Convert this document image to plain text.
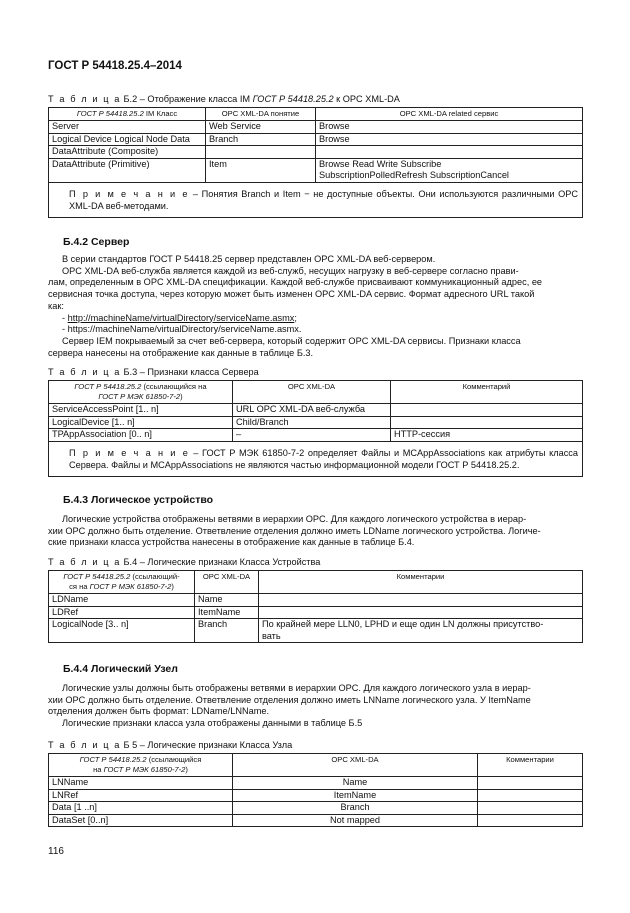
ГОСТ Р 54418.25.4–2014
Т а б л и ц а Б.2 – Отображение класса IM ГОСТ Р 54418.25.2 к OPC XML-DA
ГОСТ Р 54418.25.2 IM Класс	OPC XML-DA понятие	OPC XML-DA related сервис
Server	Web Service	Browse
Logical Device Logical Node Data	Branch	Browse
DataAttribute (Composite)		
DataAttribute (Primitive)	Item	Browse Read Write Subscribe
SubscriptionPolledRefresh SubscriptionCancel

П р и м е ч а н и е – Понятия Branch и Item − не доступные объекты. Они используются различными OPC XML-DA веб-методами.		
Б.4.2 Сервер
В серии стандартов ГОСТ Р 54418.25 сервер представлен OPC XML-DA веб-сервером.
OPC XML-DA веб-служба является каждой из веб-служб, несущих нагрузку в веб-сервере согласно прави-
лам, определенным в OPC XML-DA спецификации. Каждой веб-службе присваивают коммуникационный адрес, ее
сервисная точка доступа, через которую может быть изменен OPC XML-DA сервис. Формат адресного URL такой
как:
- http://machineName/virtualDirectory/serviceName.asmx;
- https://machineName/virtualDirectory/serviceName.asmx.
Сервер IEM покрываемый за счет веб-сервера, который содержит OPC XML-DA сервисы. Признаки класса
сервера нанесены на отображение как данные в таблице Б.3.
Т а б л и ц а Б.3 – Признаки класса Сервера
ГОСТ Р 54418.25.2 (ссылающийся на
ГОСТ Р МЭК 61850-7-2)	OPC XML-DA	Комментарий
ServiceAccessPoint [1.. n]	URL OPC XML-DA веб-служба	
LogicalDevice [1.. n]	Child/Branch	
TPAppAssociation [0.. n]	–	HTTP-сессия
П р и м е ч а н и е – ГОСТ Р МЭК 61850-7-2 определяет Файлы и MCAppAssociations как атрибуты класса Сервера. Файлы и MCAppAssociations не являются частью информационной модели ГОСТ Р 54418.25.2.		
Б.4.3 Логическое устройство
Логические устройства отображены ветвями в иерархии OPC. Для каждого логического устройства в иерар-
хии OPC должно быть отделение. Ответвление отделения должно иметь LDName логического устройства. Логиче-
ские признаки класса устройства нанесены в отображение как данные в таблице Б.4.
Т а б л и ц а Б.4 – Логические признаки Класса Устройства
ГОСТ Р 54418.25.2 (ссылающий-
ся на ГОСТ Р МЭК 61850-7-2)	OPC XML-DA	Комментарии
LDName	Name	
LDRef	ItemName	
LogicalNode [3.. n]	Branch	По крайней мере LLN0, LPHD и еще один LN должны присутство-
вать
Б.4.4 Логический Узел
Логические узлы должны быть отображены ветвями в иерархии OPC. Для каждого логического узла в иерар-
хии OPC должно быть отделение. Ответвление отделения должно иметь LNName логического узла. У ItemName
отделения должен быть формат: LDName/LNName.
Логические признаки класса узла отображены данными в таблице Б.5
Т а б л и ц а Б 5 – Логические признаки Класса Узла
ГОСТ Р 54418.25.2 (ссылающийся
на ГОСТ Р МЭК 61850-7-2)	OPC XML-DA	Комментарии
LNName	Name	
LNRef	ItemName	
Data [1 ..n]	Branch	
DataSet [0..n]	Not mapped	
116
